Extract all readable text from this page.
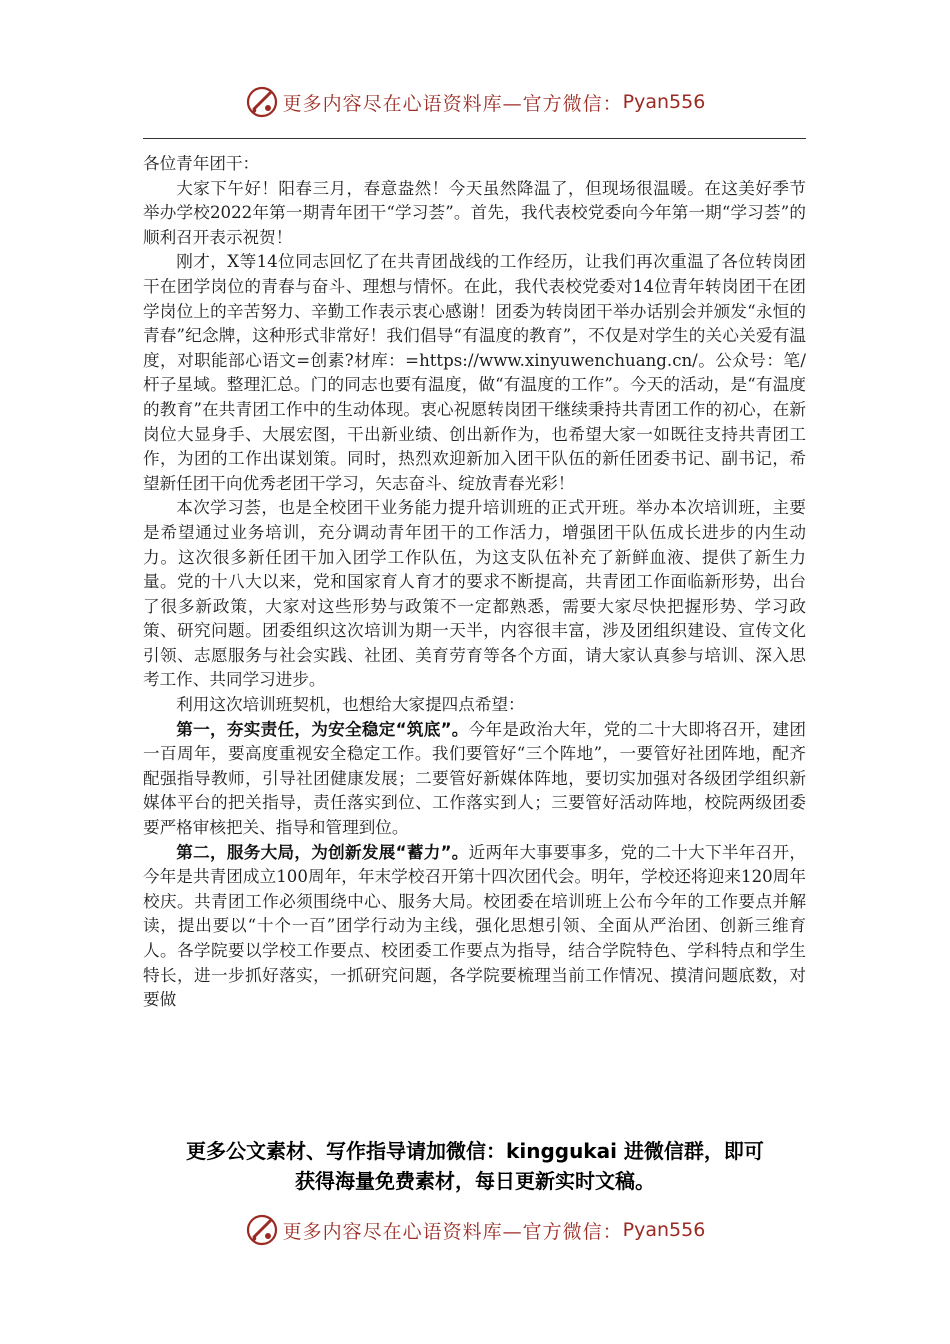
更多内容尽在心语资料库—官方微信： Pyan556

各位青年团干：

大家下午好！阳春三月，春意盎然！今天虽然降温了，但现场很温暖。在这美好季节举办学校2022年第一期青年团干“学习荟”。首先，我代表校党委向今年第一期“学习荟”的顺利召开表示祝贺！

刚才，X等14位同志回忆了在共青团战线的工作经历，让我们再次重温了各位转岗团干在团学岗位的青春与奋斗、理想与情怀。在此，我代表校党委对14位青年转岗团干在团学岗位上的辛苦努力、辛勤工作表示衷心感谢！团委为转岗团干举办话别会并颁发“永恒的青春”纪念牌，这种形式非常好！我们倡导“有温度的教育”，不仅是对学生的关心关爱有温度，对职能部心语文=创素?材库：=https://www.xinyuwenchuang.cn/。公众号：笔/杆子星域。整理汇总。门的同志也要有温度，做“有温度的工作”。今天的活动，是“有温度的教育”在共青团工作中的生动体现。衷心祝愿转岗团干继续秉持共青团工作的初心，在新岗位大显身手、大展宏图，干出新业绩、创出新作为，也希望大家一如既往支持共青团工作，为团的工作出谋划策。同时，热烈欢迎新加入团干队伍的新任团委书记、副书记，希望新任团干向优秀老团干学习，矢志奋斗、绽放青春光彩！

本次学习荟，也是全校团干业务能力提升培训班的正式开班。举办本次培训班，主要是希望通过业务培训，充分调动青年团干的工作活力，增强团干队伍成长进步的内生动力。这次很多新任团干加入团学工作队伍，为这支队伍补充了新鲜血液、提供了新生力量。党的十八大以来，党和国家育人育才的要求不断提高，共青团工作面临新形势，出台了很多新政策，大家对这些形势与政策不一定都熟悉，需要大家尽快把握形势、学习政策、研究问题。团委组织这次培训为期一天半，内容很丰富，涉及团组织建设、宣传文化引领、志愿服务与社会实践、社团、美育劳育等各个方面，请大家认真参与培训、深入思考工作、共同学习进步。

利用这次培训班契机，也想给大家提四点希望：

第一，夯实责任，为安全稳定“筑底”。今年是政治大年，党的二十大即将召开，建团一百周年，要高度重视安全稳定工作。我们要管好“三个阵地”，一要管好社团阵地，配齐配强指导教师，引导社团健康发展；二要管好新媒体阵地，要切实加强对各级团学组织新媒体平台的把关指导，责任落实到位、工作落实到人；三要管好活动阵地，校院两级团委要严格审核把关、指导和管理到位。

第二，服务大局，为创新发展“蓄力”。近两年大事要事多，党的二十大下半年召开，今年是共青团成立100周年，年末学校召开第十四次团代会。明年，学校还将迎来120周年校庆。共青团工作必须围绕中心、服务大局。校团委在培训班上公布今年的工作要点并解读，提出要以“十个一百”团学行动为主线，强化思想引领、全面从严治团、创新三维育人。各学院要以学校工作要点、校团委工作要点为指导，结合学院特色、学科特点和学生特长，进一步抓好落实，一抓研究问题，各学院要梳理当前工作情况、摸清问题底数，对要做

更多公文素材、写作指导请加微信：kinggukai 进微信群，即可
获得海量免费素材，每日更新实时文稿。
更多内容尽在心语资料库—官方微信： Pyan556
